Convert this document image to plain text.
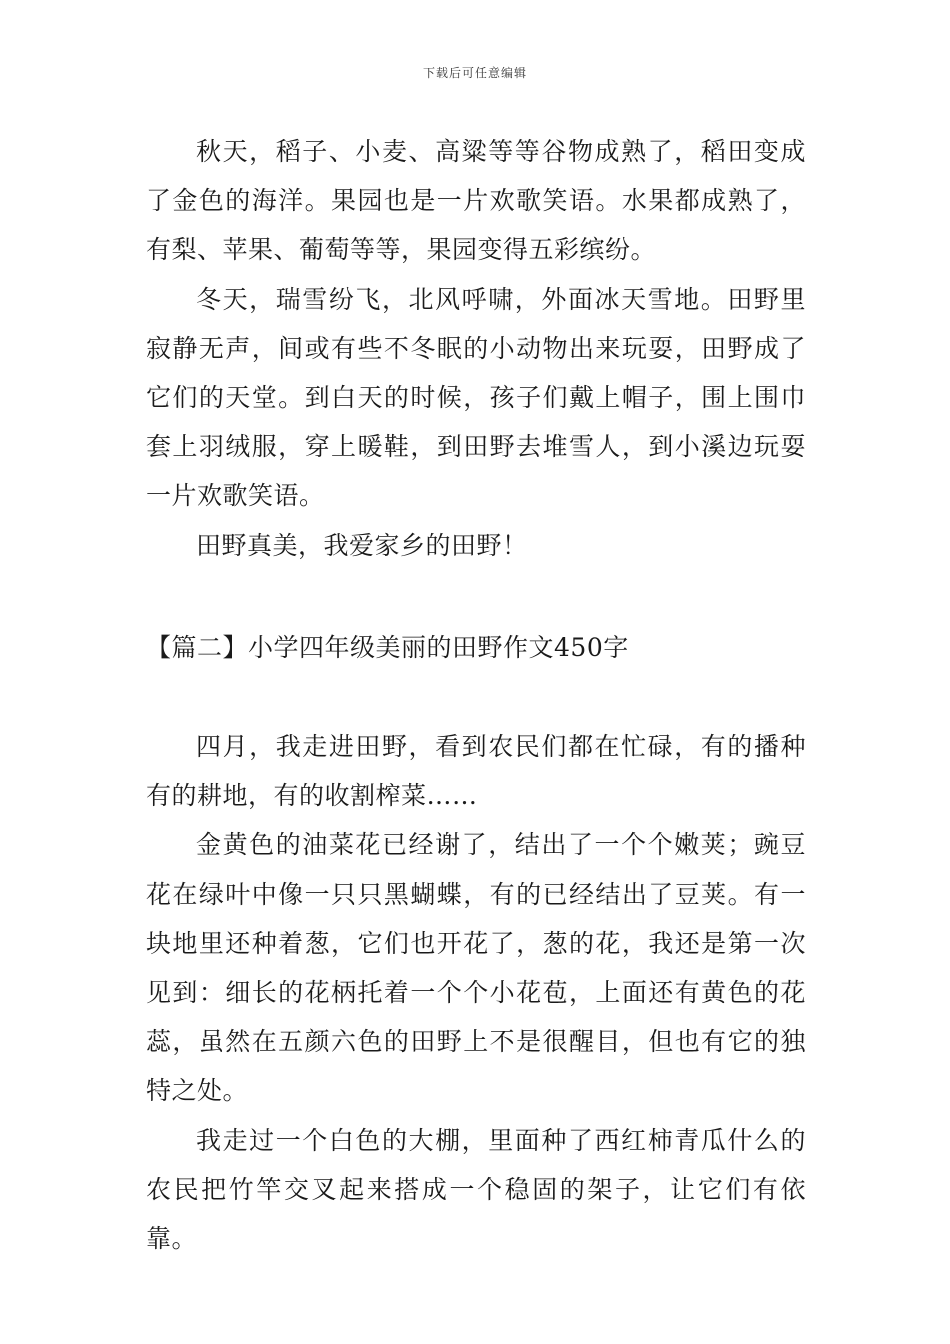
下载后可任意编辑

秋天，稻子、小麦、高粱等等谷物成熟了，稻田变成了金色的海洋。果园也是一片欢歌笑语。水果都成熟了，有梨、苹果、葡萄等等，果园变得五彩缤纷。

冬天，瑞雪纷飞，北风呼啸，外面冰天雪地。田野里寂静无声，间或有些不冬眠的小动物出来玩耍，田野成了它们的天堂。到白天的时候，孩子们戴上帽子，围上围巾套上羽绒服，穿上暖鞋，到田野去堆雪人，到小溪边玩耍一片欢歌笑语。

田野真美，我爱家乡的田野！

【篇二】小学四年级美丽的田野作文450字

四月，我走进田野，看到农民们都在忙碌，有的播种有的耕地，有的收割榨菜……

金黄色的油菜花已经谢了，结出了一个个嫩荚；豌豆花在绿叶中像一只只黑蝴蝶，有的已经结出了豆荚。有一块地里还种着葱，它们也开花了，葱的花，我还是第一次见到：细长的花柄托着一个个小花苞，上面还有黄色的花蕊，虽然在五颜六色的田野上不是很醒目，但也有它的独特之处。

我走过一个白色的大棚，里面种了西红柿青瓜什么的农民把竹竿交叉起来搭成一个稳固的架子，让它们有依靠。
